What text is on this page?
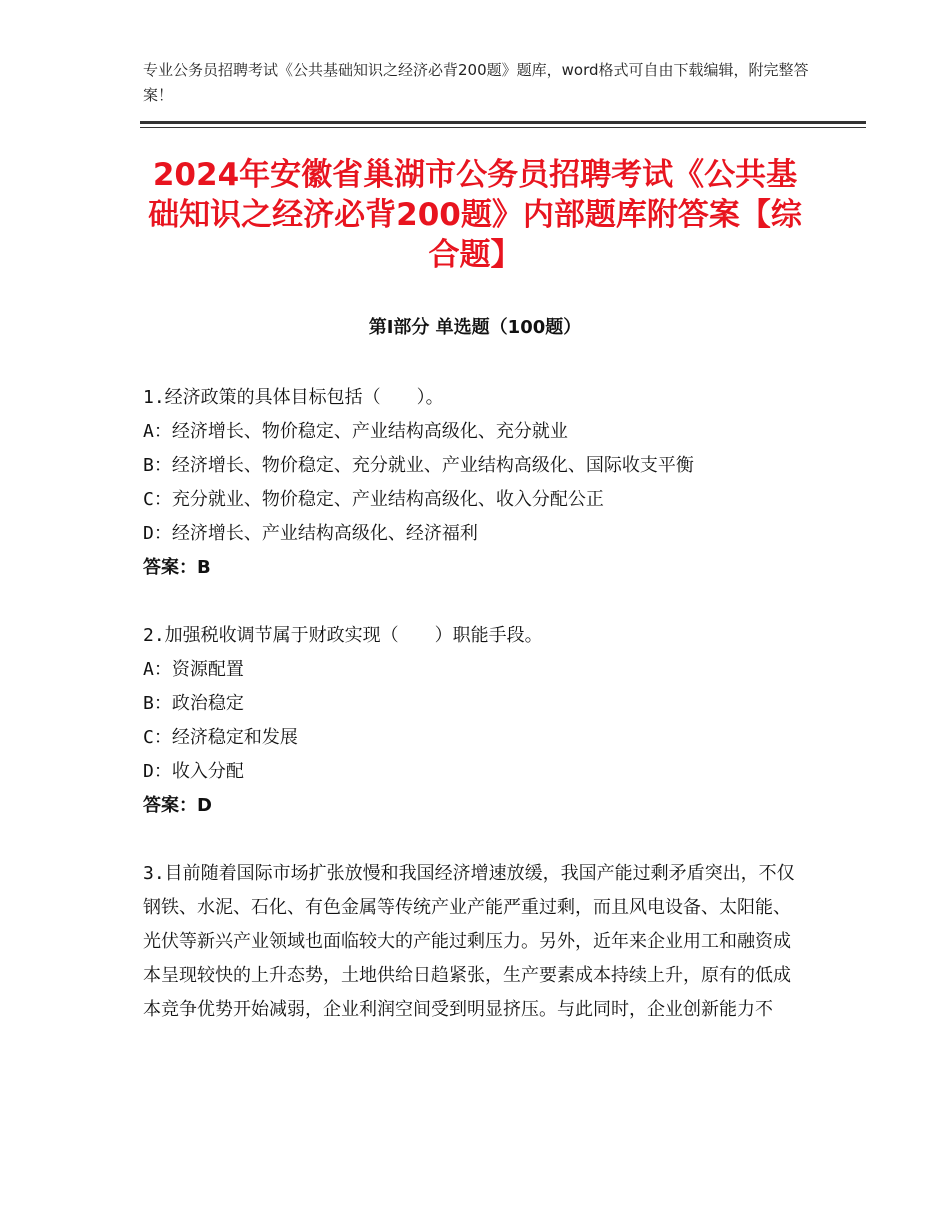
专业公务员招聘考试《公共基础知识之经济必背200题》题库，word格式可自由下载编辑，附完整答案！
2024年安徽省巢湖市公务员招聘考试《公共基础知识之经济必背200题》内部题库附答案【综合题】
第Ⅰ部分 单选题（100题）
1.经济政策的具体目标包括（　　）。
A：经济增长、物价稳定、产业结构高级化、充分就业
B：经济增长、物价稳定、充分就业、产业结构高级化、国际收支平衡
C：充分就业、物价稳定、产业结构高级化、收入分配公正
D：经济增长、产业结构高级化、经济福利
答案：B
2.加强税收调节属于财政实现（　　）职能手段。
A：资源配置
B：政治稳定
C：经济稳定和发展
D：收入分配
答案：D
3.目前随着国际市场扩张放慢和我国经济增速放缓，我国产能过剩矛盾突出，不仅钢铁、水泥、石化、有色金属等传统产业产能严重过剩，而且风电设备、太阳能、光伏等新兴产业领域也面临较大的产能过剩压力。另外，近年来企业用工和融资成本呈现较快的上升态势，土地供给日趋紧张，生产要素成本持续上升，原有的低成本竞争优势开始减弱，企业利润空间受到明显挤压。与此同时，企业创新能力不
